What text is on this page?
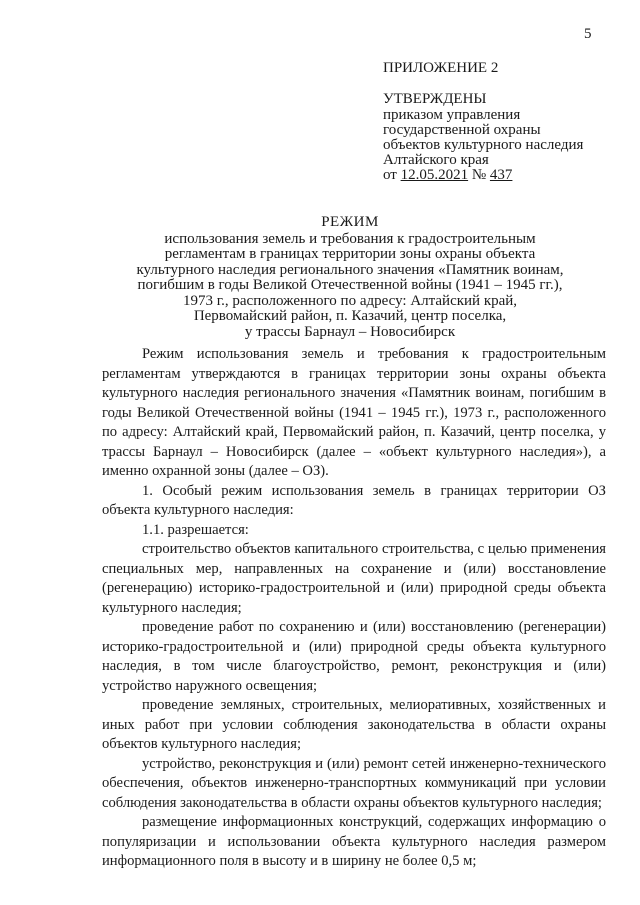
5
ПРИЛОЖЕНИЕ 2
УТВЕРЖДЕНЫ
приказом управления
государственной охраны
объектов культурного наследия
Алтайского края
от 12.05.2021 № 437
РЕЖИМ
использования земель и требования к градостроительным
регламентам в границах территории зоны охраны объекта
культурного наследия регионального значения «Памятник воинам,
погибшим в годы Великой Отечественной войны (1941 – 1945 гг.),
1973 г., расположенного по адресу: Алтайский край,
Первомайский район, п. Казачий, центр поселка,
у трассы Барнаул – Новосибирск

Режим использования земель и требования к градостроительным регламентам утверждаются в границах территории зоны охраны объекта культурного наследия регионального значения «Памятник воинам, погибшим в годы Великой Отечественной войны (1941 – 1945 гг.), 1973 г., расположенного по адресу: Алтайский край, Первомайский район, п. Казачий, центр поселка, у трассы Барнаул – Новосибирск (далее – «объект культурного наследия»), а именно охранной зоны (далее – ОЗ).

1. Особый режим использования земель в границах территории ОЗ объекта культурного наследия:

1.1. разрешается:

строительство объектов капитального строительства, с целью применения специальных мер, направленных на сохранение и (или) восстановление (регенерацию) историко-градостроительной и (или) природной среды объекта культурного наследия;

проведение работ по сохранению и (или) восстановлению (регенерации) историко-градостроительной и (или) природной среды объекта культурного наследия, в том числе благоустройство, ремонт, реконструкция и (или) устройство наружного освещения;

проведение земляных, строительных, мелиоративных, хозяйственных и иных работ при условии соблюдения законодательства в области охраны объектов культурного наследия;

устройство, реконструкция и (или) ремонт сетей инженерно-технического обеспечения, объектов инженерно-транспортных коммуникаций при условии соблюдения законодательства в области охраны объектов культурного наследия;

размещение информационных конструкций, содержащих информацию о популяризации и использовании объекта культурного наследия размером информационного поля в высоту и в ширину не более 0,5 м;
